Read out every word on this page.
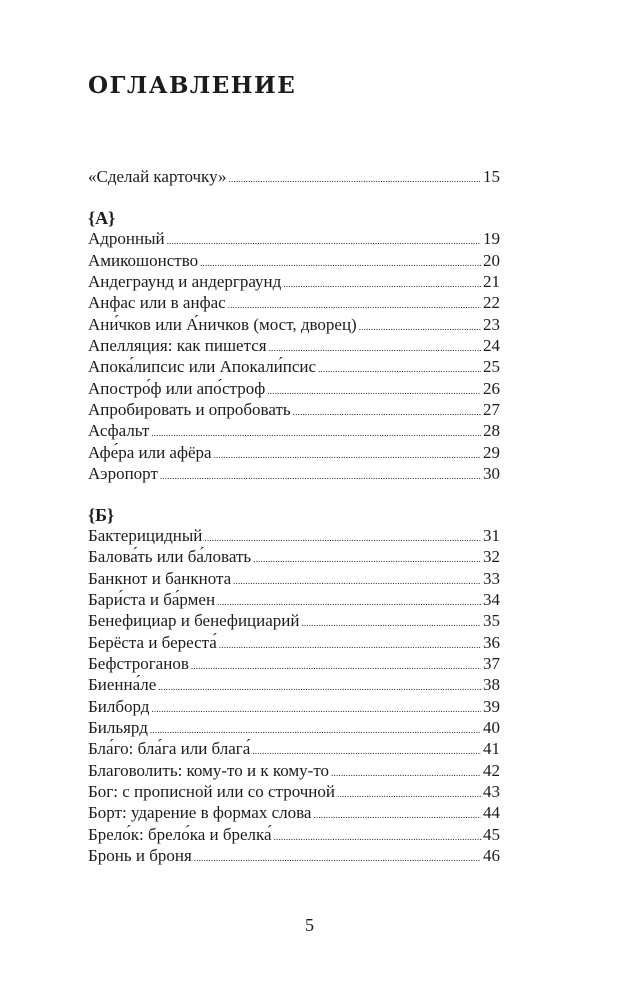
ОГЛАВЛЕНИЕ
«Сделай карточку» .....	15
{А}
Адронный .....	19
Амикошонство .....	20
Андеграунд и андерграунд .....	21
Анфас или в анфас .....	22
Ани́чков или А́ничков (мост, дворец) .....	23
Апелляция: как пишется .....	24
Апока́липсис или Апокали́псис .....	25
Апостро́ф или апо́строф .....	26
Апробировать и опробовать .....	27
Асфальт .....	28
Афе́ра или афёра .....	29
Аэропорт .....	30
{Б}
Бактерицидный .....	31
Балова́ть или ба́ловать .....	32
Банкнот и банкнота .....	33
Бари́ста и ба́рмен .....	34
Бенефициар и бенефициарий .....	35
Берёста и береста́ .....	36
Бефстроганов .....	37
Биенна́ле .....	38
Билборд .....	39
Бильярд .....	40
Бла́го: бла́га или блага́ .....	41
Благоволить: кому-то и к кому-то .....	42
Бог: с прописной или со строчной .....	43
Борт: ударение в формах слова .....	44
Брело́к: брело́ка и брелка́ .....	45
Бронь и броня .....	46
5
